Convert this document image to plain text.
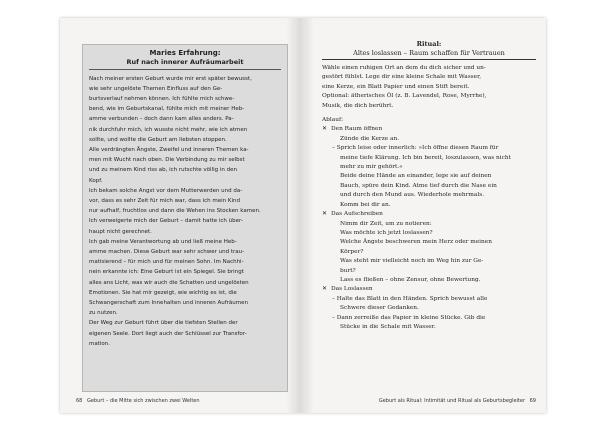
Maries Erfahrung:
Ruf nach innerer Aufräumarbeit
Nach meiner ersten Geburt wurde mir erst später bewusst,
wie sehr ungelöste Themen Einfluss auf den Ge-
burtsverlauf nehmen können. Ich fühlte mich schwe-
bend, wie im Geburtskanal, fühlte mich mit meiner Heb-
amme verbunden – doch dann kam alles anders. Pa-
nik durchfuhr mich, ich wusste nicht mehr, wie ich atmen
sollte, und wollte die Geburt am liebsten stoppen.
Alle verdrängten Ängste, Zweifel und inneren Themen ka-
men mit Wucht nach oben. Die Verbindung zu mir selbst
und zu meinem Kind riss ab, ich rutschte völlig in den
Kopf.
Ich bekam solche Angst vor dem Mutterwerden und da-
vor, dass es sehr Zeit für mich war, dass ich mein Kind
nur aufhalf, fruchtlos und dann die Wehen ins Stocken kamen.
Ich verweigerte mich der Geburt – damit hatte ich über-
haupt nicht gerechnet.
Ich gab meine Verantwortung ab und ließ meine Heb-
amme machen. Diese Geburt war sehr schwer und trau-
matisierend – für mich und für meinen Sohn. Im Nachhi-
nein erkannte ich: Eine Geburt ist ein Spiegel. Sie bringt
alles ans Licht, was wir auch die Schatten und ungelösten
Emotionen. Sie hat mir gezeigt, wie wichtig es ist, die
Schwangerschaft zum Innehalten und inneren Aufräumen
zu nutzen.
Der Weg zur Geburt führt über die tiefsten Stellen der
eigenen Seele. Dort liegt auch der Schlüssel zur Transfor-
mation.
68 Geburt – die Mitte sich zwischen zwei Welten
Ritual:
Altes loslassen – Raum schaffen für Vertrauen
Wähle einen ruhigen Ort an dem du dich sicher und un-
gestört fühlst. Lege dir eine kleine Schale mit Wasser,
eine Kerze, ein Blatt Papier und einen Stift bereit.
Optional: ätherisches Öl (z. B. Lavendel, Rose, Myrrhe),
Musik, die dich berührt.
Ablauf:
✕ Den Raum öffnen
Zünde die Kerze an.
– Sprich leise oder innerlich: »Ich öffne diesen Raum für
meine tiefe Klärung. Ich bin bereit, loszulassen, was nicht
mehr zu mir gehört.«
Beide deine Hände an einander, lege sie auf deinen
Bauch, spüre dein Kind. Atme tief durch die Nase ein
und durch den Mund aus. Wiederhole mehrmals.
Komm bei dir an.
✕ Das Aufschreiben
Nimm dir Zeit, um zu notieren:
Was möchte ich jetzt loslassen?
Welche Ängste beschweren mein Herz oder meinen
Körper?
Was steht mir vielleicht noch im Weg hin zur Ge-
burt?
Lass es fließen – ohne Zensur, ohne Bewertung.
✕ Das Loslassen
– Halte das Blatt in den Händen. Sprich bewusst alle
Schwere dieser Gedanken.
– Dann zerreiße das Papier in kleine Stücke. Gib die
Stücke in die Schale mit Wasser.
Geburt als Ritual: Intimität und Ritual als Geburtsbegleiter 69
